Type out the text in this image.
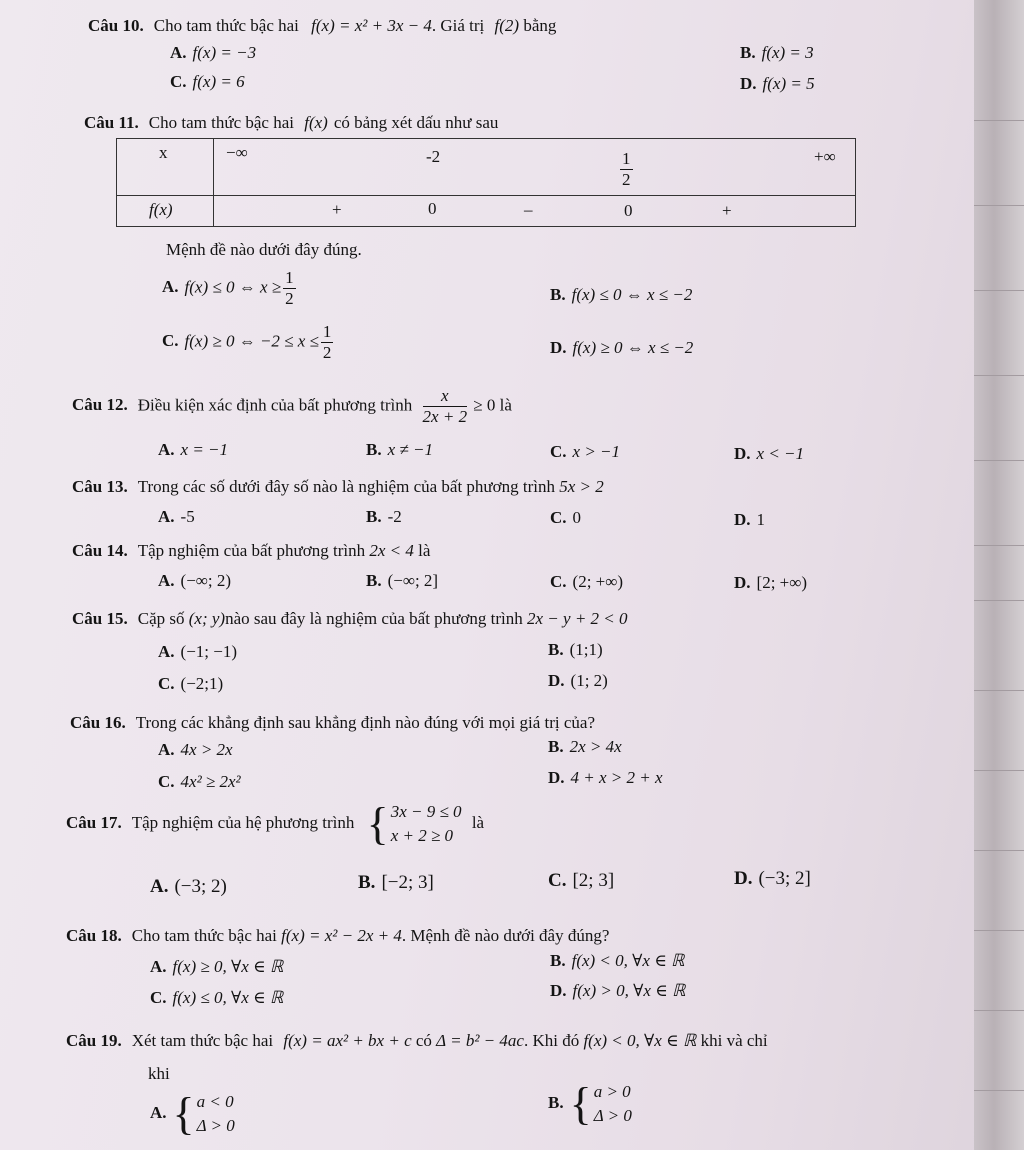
Câu 10. Cho tam thức bậc hai f(x) = x² + 3x − 4. Giá trị f(2) bằng
A. f(x) = −3	B. f(x) = 3
C. f(x) = 6	D. f(x) = 5
Câu 11. Cho tam thức bậc hai f(x) có bảng xét dấu như sau
x	−∞ $-2 \frac{1}{2}$ +∞

f(x)	+ 0 – 0 +
Mệnh đề nào dưới đây đúng.
A. f(x) ≤ 0 ⇔ $x \ge \frac{1}{2}$	B. f(x) ≤ 0 ⇔ x ≤ −2
C. f(x) ≥ 0 ⇔ $-2 \le x \le \frac{1}{2}$	D. f(x) ≥ 0 ⇔ x ≤ −2
Câu 12. Điều kiện xác định của bất phương trình $\frac{x}{2x + 2} \ge 0$ là
A. x = −1	B. x ≠ −1	C. x > −1	D. x < −1
Câu 13. Trong các số dưới đây số nào là nghiệm của bất phương trình 5x > 2
A. -5	B. -2	C. 0	D. 1
Câu 14. Tập nghiệm của bất phương trình 2x < 4 là
A. (−∞; 2)	B. (−∞; 2]	C. (2; +∞)	D. [2; +∞)
Câu 15. Cặp số (x; y)nào sau đây là nghiệm của bất phương trình 2x − y + 2 < 0
A. (−1; −1)	B. (1;1)
C. (−2;1)	D. (1; 2)
Câu 16. Trong các khẳng định sau khẳng định nào đúng với mọi giá trị của?
A. 4x > 2x	B. 2x > 4x
C. 4x² ≥ 2x²	D. 4 + x > 2 + x
Câu 17. Tập nghiệm của hệ phương trình { 3x − 9 ≤ 0
x + 2 ≥ 0
là
A. (−3; 2)	B. [−2; 3]	C. [2; 3]	D. (−3; 2]
Câu 18. Cho tam thức bậc hai f(x) = x² − 2x + 4. Mệnh đề nào dưới đây đúng?
A. f(x) ≥ 0, ∀x ∈ ℝ	B. f(x) < 0, ∀x ∈ ℝ
C. f(x) ≤ 0, ∀x ∈ ℝ	D. f(x) > 0, ∀x ∈ ℝ
Câu 19. Xét tam thức bậc hai f(x) = ax² + bx + c có Δ = b² − 4ac. Khi đó f(x) < 0, ∀x ∈ ℝ khi và chỉ
khi
A. { a < 0
Δ > 0
B. { a > 0
Δ > 0
